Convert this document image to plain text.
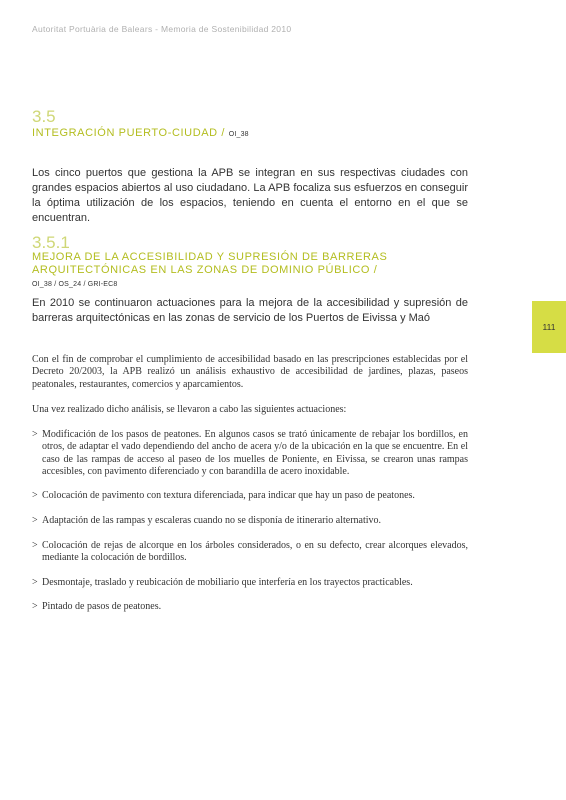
Autoritat Portuària de Balears - Memoria de Sostenibilidad 2010
3.5
INTEGRACIÓN PUERTO-CIUDAD / OI_38

Los cinco puertos que gestiona la APB se integran en sus respectivas ciudades con grandes espacios abiertos al uso ciudadano. La APB focaliza sus esfuerzos en conseguir la óptima utilización de los espacios, teniendo en cuenta el entorno en el que se encuentran.

3.5.1
MEJORA DE LA ACCESIBILIDAD Y SUPRESIÓN DE BARRERAS ARQUITECTÓNICAS EN LAS ZONAS DE DOMINIO PÚBLICO / OI_38 / OS_24 / GRI-EC8

En 2010 se continuaron actuaciones para la mejora de la accesibilidad y supresión de barreras arquitectónicas en las zonas de servicio de los Puertos de Eivissa y Maó

Con el fin de comprobar el cumplimiento de accesibilidad basado en las prescripciones establecidas por el Decreto 20/2003, la APB realizó un análisis exhaustivo de accesibilidad de jardines, plazas, paseos peatonales, restaurantes, comercios y aparcamientos.

Una vez realizado dicho análisis, se llevaron a cabo las siguientes actuaciones:

> Modificación de los pasos de peatones. En algunos casos se trató únicamente de rebajar los bordillos, en otros, de adaptar el vado dependiendo del ancho de acera y/o de la ubicación en la que se encuentre. En el caso de las rampas de acceso al paseo de los muelles de Poniente, en Eivissa, se crearon unas rampas accesibles, con pavimento diferenciado y con barandilla de acero inoxidable.
> Colocación de pavimento con textura diferenciada, para indicar que hay un paso de peatones.
> Adaptación de las rampas y escaleras cuando no se disponía de itinerario alternativo.
> Colocación de rejas de alcorque en los árboles considerados, o en su defecto, crear alcorques elevados, mediante la colocación de bordillos.
> Desmontaje, traslado y reubicación de mobiliario que interfería en los trayectos practicables.
> Pintado de pasos de peatones.
111
